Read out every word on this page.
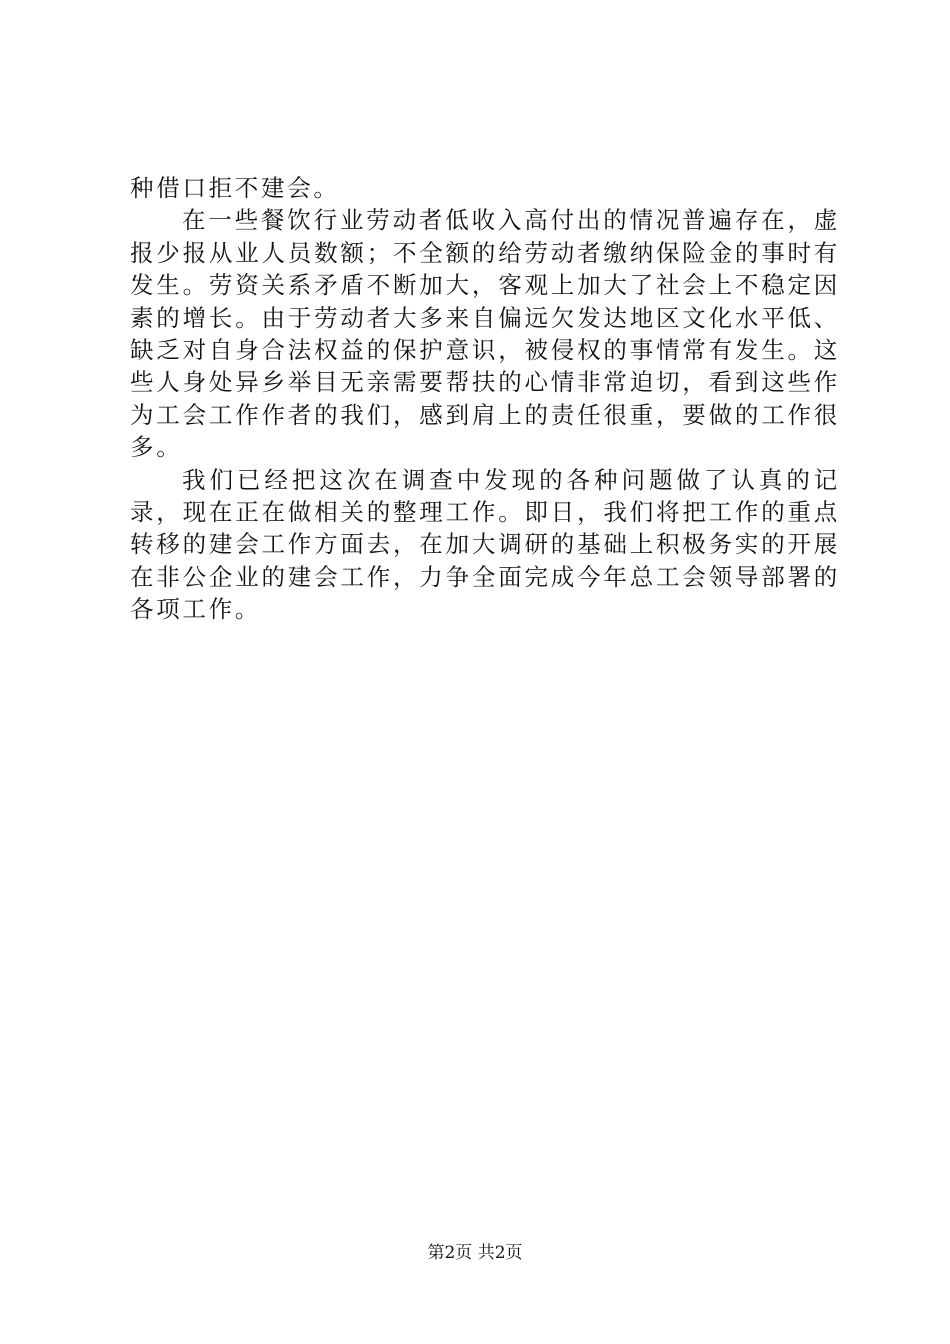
种借口拒不建会。

在一些餐饮行业劳动者低收入高付出的情况普遍存在，虚报少报从业人员数额；不全额的给劳动者缴纳保险金的事时有发生。劳资关系矛盾不断加大，客观上加大了社会上不稳定因素的增长。由于劳动者大多来自偏远欠发达地区文化水平低、缺乏对自身合法权益的保护意识，被侵权的事情常有发生。这些人身处异乡举目无亲需要帮扶的心情非常迫切，看到这些作为工会工作作者的我们，感到肩上的责任很重，要做的工作很多。

我们已经把这次在调查中发现的各种问题做了认真的记录，现在正在做相关的整理工作。即日，我们将把工作的重点转移的建会工作方面去，在加大调研的基础上积极务实的开展在非公企业的建会工作，力争全面完成今年总工会领导部署的各项工作。

第2页 共2页
